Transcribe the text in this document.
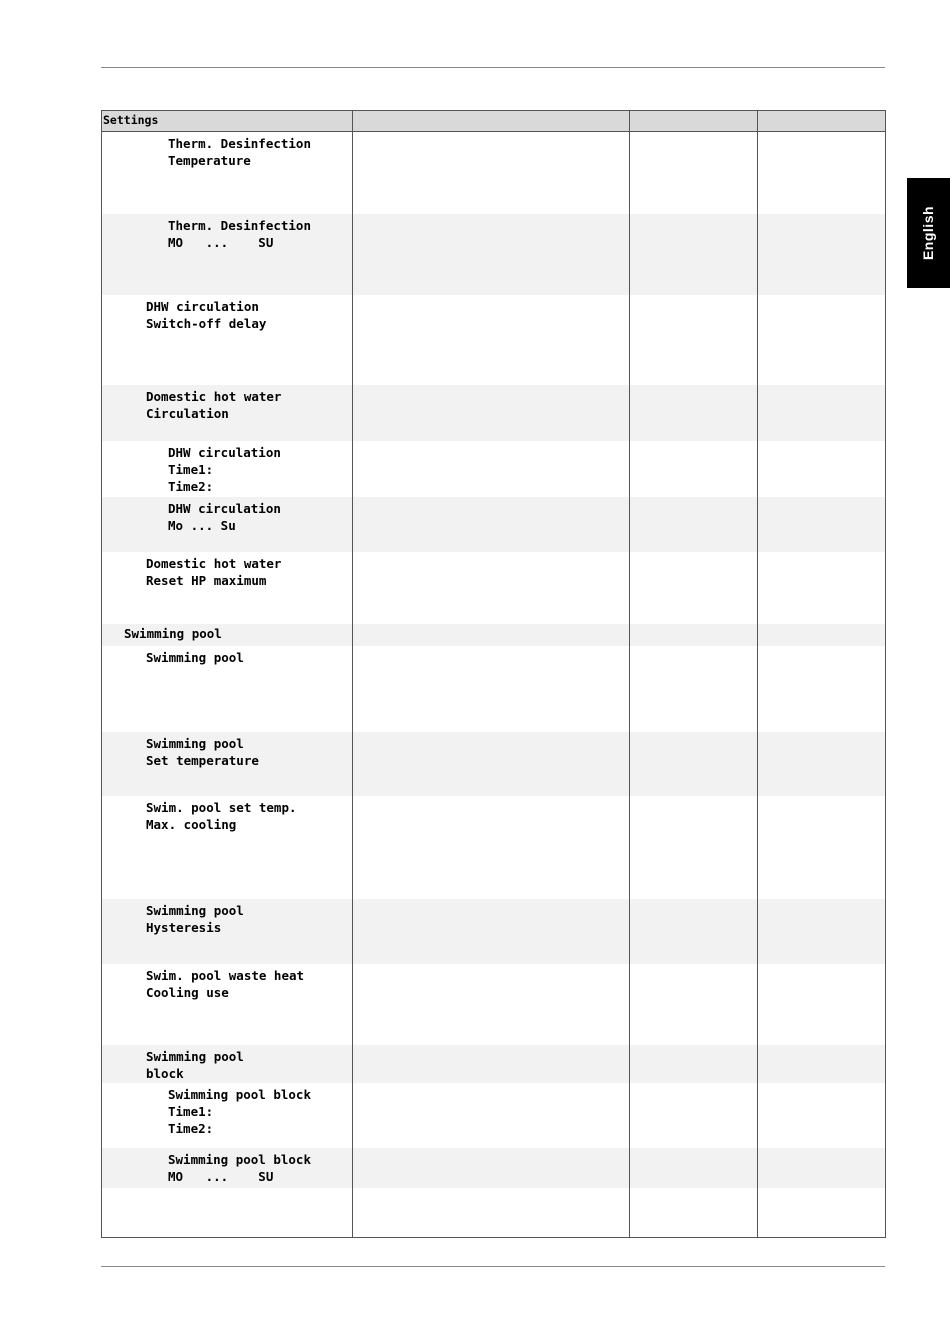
English
Settings
Therm. Desinfection
Temperature
Therm. Desinfection
MO   ...    SU
DHW circulation
Switch-off delay
Domestic hot water
Circulation
DHW circulation
Time1:
Time2:
DHW circulation
Mo ... Su
Domestic hot water
Reset HP maximum
Swimming pool
Swimming pool
Swimming pool
Set temperature
Swim. pool set temp.
Max. cooling
Swimming pool
Hysteresis
Swim. pool waste heat
Cooling use
Swimming pool
block
Swimming pool block
Time1:
Time2:
Swimming pool block
MO   ...    SU
